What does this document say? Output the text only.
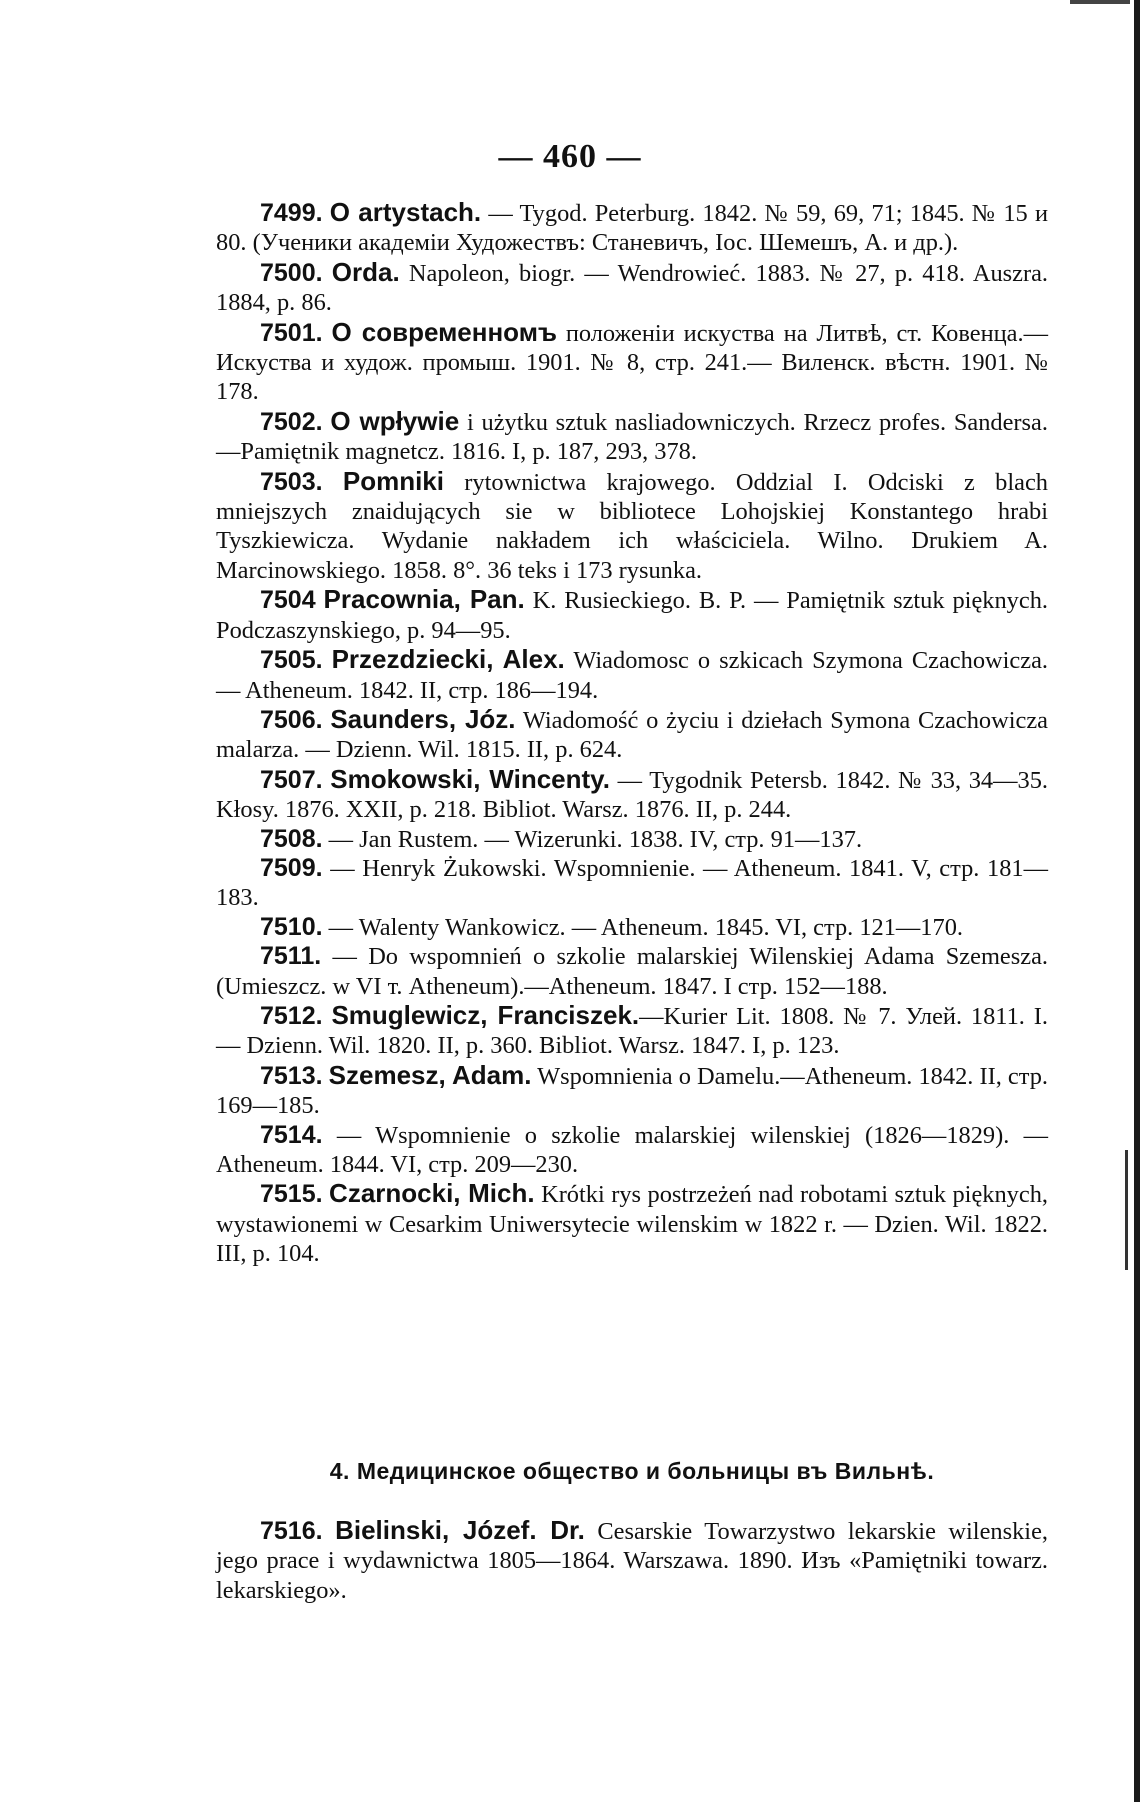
— 460 —

7499. O artystach. — Tygod. Peterburg. 1842. № 59, 69, 71; 1845. № 15 и 80. (Ученики академіи Художествъ: Станевичъ, Іос. Шемешъ, А. и др.).

7500. Orda. Napoleon, biogr. — Wendrowieć. 1883. № 27, p. 418. Auszra. 1884, p. 86.

7501. О современномъ положеніи искуства на Литвѣ, ст. Ковенца.—Искуства и худож. промыш. 1901. № 8, стр. 241.— Виленск. вѣстн. 1901. № 178.

7502. O wpływie i użytku sztuk nasliadowniczych. Rrzecz profes. Sandersa.—Pamiętnik magnetcz. 1816. I, p. 187, 293, 378.

7503. Pomniki rytownictwa krajowego. Oddzial I. Odciski z blach mniejszych znaidujących sie w bibliotece Lohojskiej Konstantego hrabi Tyszkiewicza. Wydanie nakładem ich właściciela. Wilno. Drukiem A. Marcinowskiego. 1858. 8°. 36 teks i 173 rysunka.

7504 Pracownia, Pan. K. Rusieckiego. B. P. — Pamiętnik sztuk pięknych. Podczaszynskiego, p. 94—95.

7505. Przezdziecki, Alex. Wiadomosc o szkicach Szymona Czachowicza. — Atheneum. 1842. II, стр. 186—194.

7506. Saunders, Józ. Wiadomość o życiu i dziełach Symona Czachowicza malarza. — Dzienn. Wil. 1815. II, p. 624.

7507. Smokowski, Wincenty. — Tygodnik Petersb. 1842. № 33, 34—35. Kłosy. 1876. XXII, p. 218. Bibliot. Warsz. 1876. II, p. 244.

7508. — Jan Rustem. — Wizerunki. 1838. IV, стр. 91—137.

7509. — Henryk Żukowski. Wspomnienie. — Atheneum. 1841. V, стр. 181—183.

7510. — Walenty Wankowicz. — Atheneum. 1845. VI, стр. 121—170.

7511. — Do wspomnień o szkolie malarskiej Wilenskiej Adama Szemesza. (Umieszcz. w VI т. Atheneum).—Atheneum. 1847. I стр. 152—188.

7512. Smuglewicz, Franciszek.—Kurier Lit. 1808. № 7. Улей. 1811. I. — Dzienn. Wil. 1820. II, p. 360. Bibliot. Warsz. 1847. I, p. 123.

7513. Szemesz, Adam. Wspomnienia o Damelu.—Atheneum. 1842. II, стр. 169—185.

7514. — Wspomnienie o szkolie malarskiej wilenskiej (1826—1829). — Atheneum. 1844. VI, стр. 209—230.

7515. Czarnocki, Mich. Krótki rys postrzeżeń nad robotami sztuk pięknych, wystawionemi w Cesarkim Uniwersytecie wilenskim w 1822 r. — Dzien. Wil. 1822. III, p. 104.

4. Медицинское общество и больницы въ Вильнѣ.

7516. Bielinski, Józef. Dr. Cesarskie Towarzystwo lekarskie wilenskie, jego prace i wydawnictwa 1805—1864. Warszawa. 1890. Изъ «Pamiętniki towarz. lekarskiego».
